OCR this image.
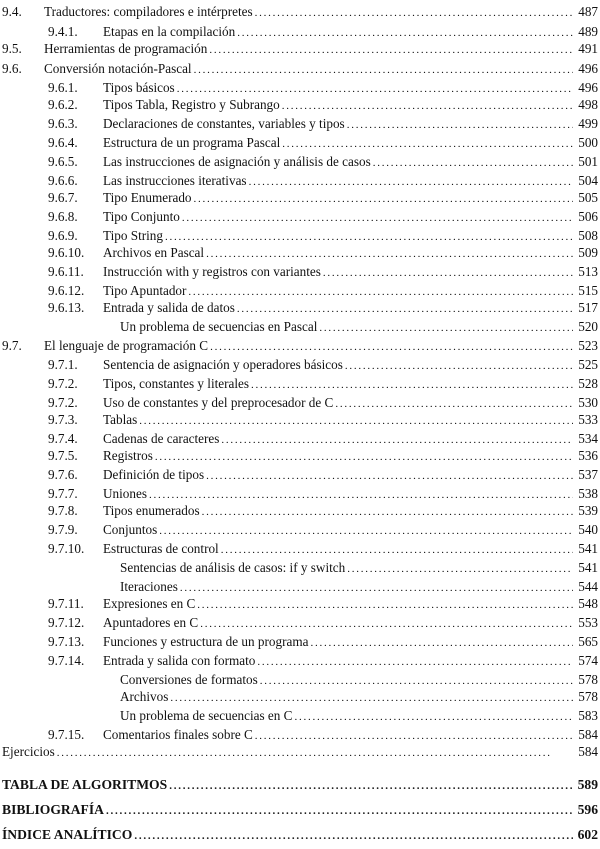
9.4.	Traductores: compiladores e intérpretes . . .	487
9.4.1.	Etapas en la compilación . . .	489
9.5.	Herramientas de programación . . .	491
9.6.	Conversión notación-Pascal . . .	496
9.6.1.	Tipos básicos . . .	496
9.6.2.	Tipos Tabla, Registro y Subrango . . .	498
9.6.3.	Declaraciones de constantes, variables y tipos . . .	499
9.6.4.	Estructura de un programa Pascal . . .	500
9.6.5.	Las instrucciones de asignación y análisis de casos . . .	501
9.6.6.	Las instrucciones iterativas . . .	504
9.6.7.	Tipo Enumerado . . .	505
9.6.8.	Tipo Conjunto . . .	506
9.6.9.	Tipo String . . .	508
9.6.10.	Archivos en Pascal . . .	509
9.6.11.	Instrucción with y registros con variantes . . .	513
9.6.12.	Tipo Apuntador . . .	515
9.6.13.	Entrada y salida de datos . . .	517
Un problema de secuencias en Pascal . . .	520
9.7.	El lenguaje de programación C . . .	523
9.7.1.	Sentencia de asignación y operadores básicos . . .	525
9.7.2.	Tipos, constantes y literales . . .	528
9.7.2.	Uso de constantes y del preprocesador de C . . .	530
9.7.3.	Tablas . . .	533
9.7.4.	Cadenas de caracteres . . .	534
9.7.5.	Registros . . .	536
9.7.6.	Definición de tipos . . .	537
9.7.7.	Uniones . . .	538
9.7.8.	Tipos enumerados . . .	539
9.7.9.	Conjuntos . . .	540
9.7.10.	Estructuras de control . . .	541
Sentencias de análisis de casos: if y switch . . .	541
Iteraciones . . .	544
9.7.11.	Expresiones en C . . .	548
9.7.12.	Apuntadores en C . . .	553
9.7.13.	Funciones y estructura de un programa . . .	565
9.7.14.	Entrada y salida con formato . . .	574
Conversiones de formatos . . .	578
Archivos . . .	578
Un problema de secuencias en C . . .	583
9.7.15.	Comentarios finales sobre C . . .	584
Ejercicios . . .	584
TABLA DE ALGORITMOS . . .	589
BIBLIOGRAFÍA . . .	596
ÍNDICE ANALÍTICO . . .	602
